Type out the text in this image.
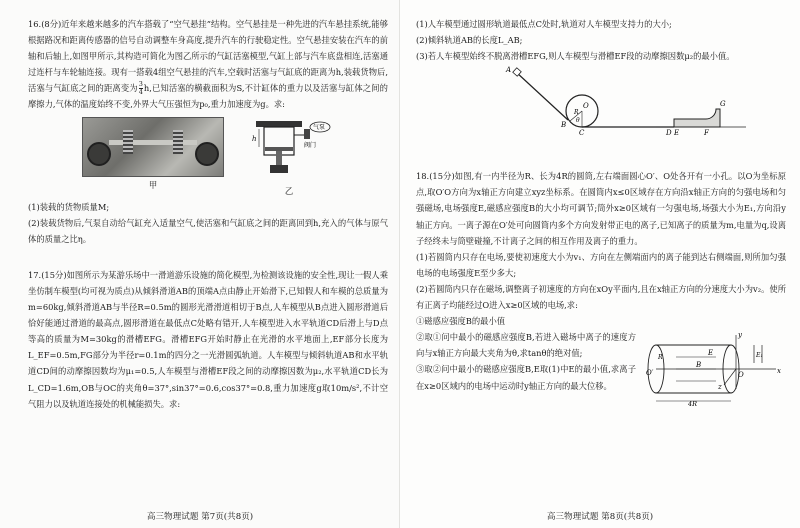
16.(8分)近年来越来越多的汽车搭载了“空气悬挂”结构。空气悬挂是一种先进的汽车悬挂系统,能够根据路况和距离传感器的信号自动调整车身高度,提升汽车的行驶稳定性。空气悬挂安装在汽车的前轴和后轴上,如图甲所示,其构造可简化为图乙所示的气缸活塞模型,气缸上部与汽车底盘相连,活塞通过连杆与车轮轴连接。现有一搭载4组空气悬挂的汽车,空载时活塞与气缸底的距离为h,装载货物后,活塞与气缸底之间的距离变为 $\frac{3}{4} h$,已知活塞的横截面积为S,不计缸体的重力以及活塞与缸体之间的摩擦力,气体的温度始终不变,外界大气压强恒为p₀,重力加速度为g。求:

甲
h
气泵
阀门
乙

(1)装载的货物质量M;

(2)装载货物后,气泵自动给气缸充入适量空气,使活塞和气缸底之间的距离回到h,充入的气体与原气体的质量之比η。

17.(15分)如图所示为某游乐场中一滑道游乐设施的简化模型,为检测该设施的安全性,现让一假人乘坐仿制车模型(均可视为质点)从倾斜滑道AB的顶端A点由静止开始滑下,已知假人和车模的总质量为m=60kg,倾斜滑道AB与半径R=0.5m的圆形光滑滑道相切于B点,人车模型从B点进入圆形滑道后恰好能通过滑道的最高点,圆形滑道在最低点C处略有错开,人车模型进入水平轨道CD后滑上与D点等高的质量为M=30kg的滑槽EFG。滑槽EFG开始时静止在光滑的水平地面上,EF部分长度为L_EF=0.5m,FG部分为半径r=0.1m的四分之一光滑圆弧轨道。人车模型与倾斜轨道AB和水平轨道CD间的动摩擦因数均为μ₁=0.5,人车模型与滑槽EF段之间的动摩擦因数为μ₂,水平轨道CD长为L_CD=1.6m,OB与OC的夹角θ=37°,sin37°=0.6,cos37°=0.8,重力加速度g取10m/s²,不计空气阻力以及轨道连接处的机械能损失。求:

高三物理试题 第7页(共8页)

(1)人车模型通过圆形轨道最低点C处时,轨道对人车模型支持力的大小;

(2)倾斜轨道AB的长度L_AB;

(3)若人车模型始终不脱离滑槽EFG,则人车模型与滑槽EF段的动摩擦因数μ₂的最小值。

A
O
R
θ
B
C	D E	F
G

18.(15分)如图,有一内半径为R、长为4R的圆筒,左右端面圆心O′、O处各开有一小孔。以O为坐标原点,取O′O方向为x轴正方向建立xyz坐标系。在圆筒内x≤0区域存在方向沿x轴正方向的匀强电场和匀强磁场,电场强度E,磁感应强度B的大小均可调节;筒外x≥0区域有一匀强电场,场强大小为E₁,方向沿y轴正方向。一离子源在O′处可向圆筒内多个方向发射带正电的离子,已知离子的质量为m,电量为q,设离子经终未与筒壁碰撞,不计离子之间的相互作用及离子的重力。

(1)若圆筒内只存在电场,要使初速度大小为v₁、方向在左侧端面内的离子能到达右侧端面,则所加匀强电场的电场强度E至少多大;

(2)若圆筒内只存在磁场,调整离子初速度的方向在xOy平面内,且在x轴正方向的分速度大小为v₂。使所有正离子均能经过O进入x≥0区域的电场,求:

①磁感应强度B的最小值

②取①问中最小的磁感应强度B,若进入磁场中离子的速度方向与x轴正方向最大夹角为θ,求tanθ的绝对值;

③取②问中最小的磁感应强度B,E取(1)中E的最小值,求离子在x≥0区域内的电场中运动时y轴正方向的最大位移。

E
B
x
y
z
E₁
O
O′
R
4R
高三物理试题 第8页(共8页)
